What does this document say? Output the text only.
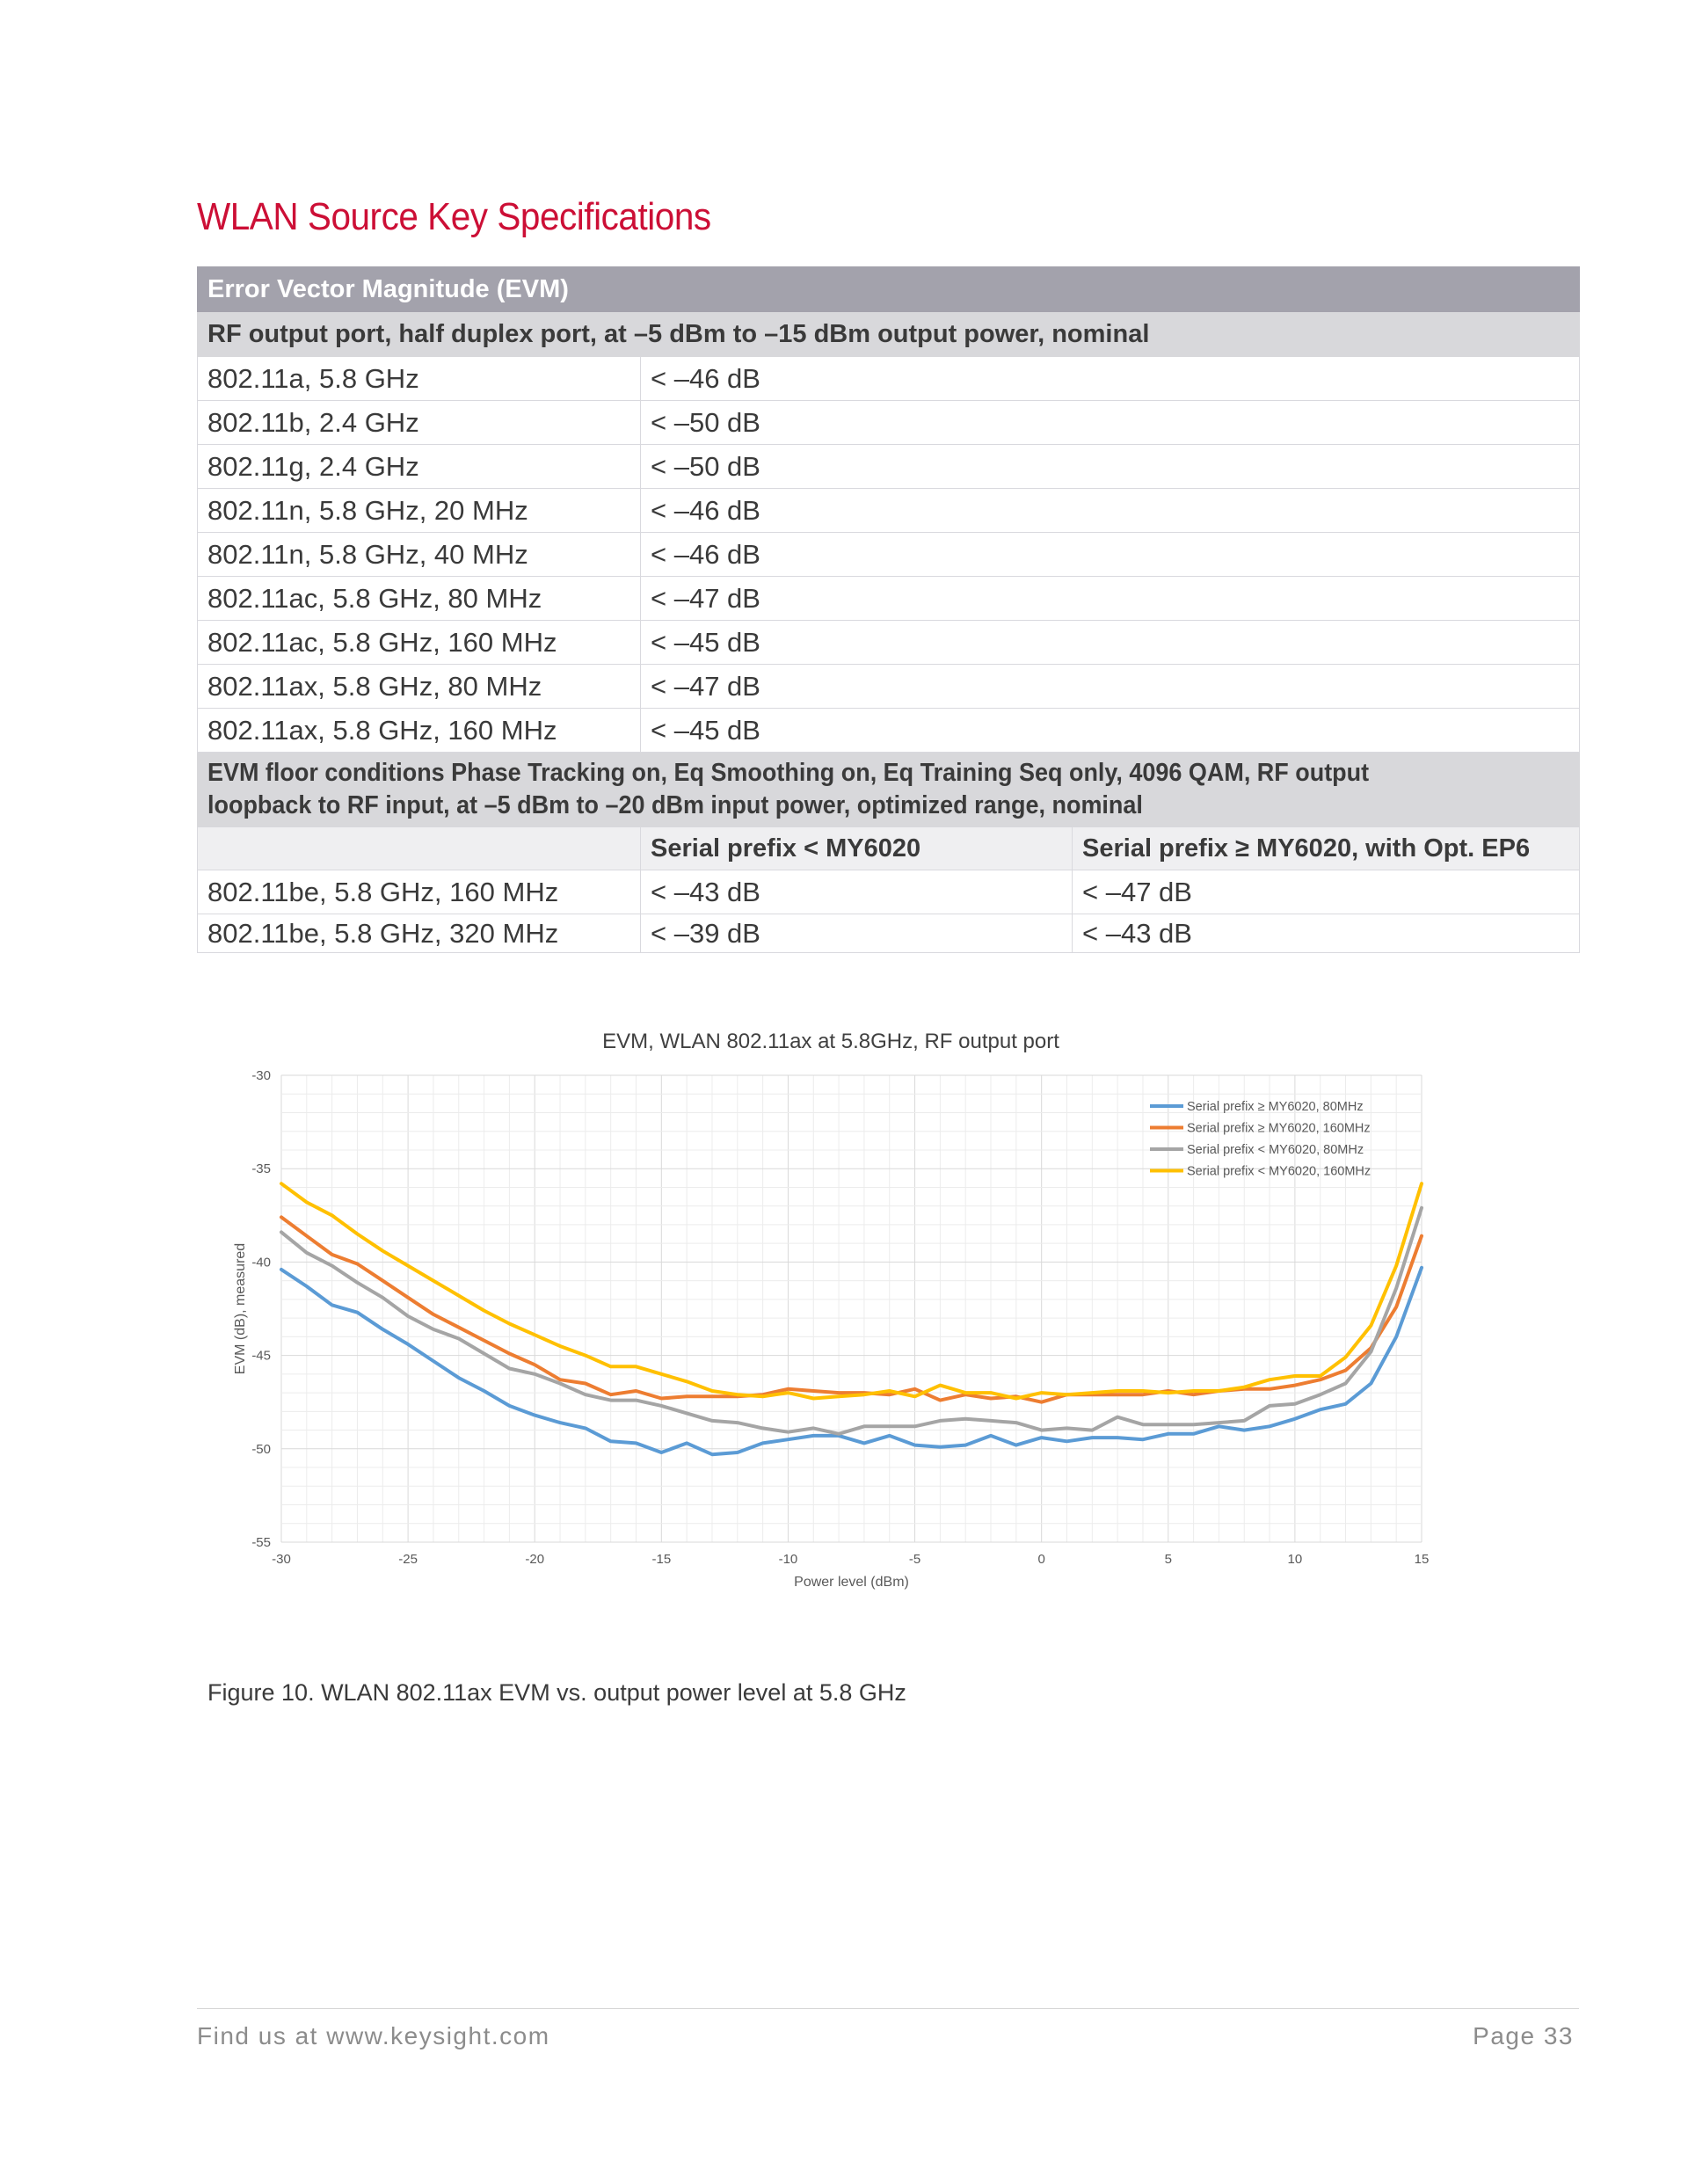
WLAN Source Key Specifications
Error Vector Magnitude (EVM)		
RF output port, half duplex port, at –5 dBm to –15 dBm output power, nominal		
802.11a, 5.8 GHz	< –46 dB	
802.11b, 2.4 GHz	< –50 dB	
802.11g, 2.4 GHz	< –50 dB	
802.11n, 5.8 GHz, 20 MHz	< –46 dB	
802.11n, 5.8 GHz, 40 MHz	< –46 dB	
802.11ac, 5.8 GHz, 80 MHz	< –47 dB	
802.11ac, 5.8 GHz, 160 MHz	< –45 dB	
802.11ax, 5.8 GHz, 80 MHz	< –47 dB	
802.11ax, 5.8 GHz, 160 MHz	< –45 dB	
EVM floor conditions Phase Tracking on, Eq Smoothing on, Eq Training Seq only, 4096 QAM, RF output loopback to RF input, at –5 dBm to –20 dBm input power, optimized range, nominal		
	Serial prefix < MY6020	Serial prefix ≥ MY6020, with Opt. EP6
802.11be, 5.8 GHz, 160 MHz	< –43 dB	< –47 dB
802.11be, 5.8 GHz, 320 MHz	< –39 dB	< –43 dB
EVM, WLAN 802.11ax at 5.8GHz, RF output port
-30	-25	-20	-15	-10	-5	0	5	10	15
-30
-35
-40
-45
-50
-55
Power level (dBm)
EVM (dB), measured
Serial prefix ≥ MY6020, 80MHz
Serial prefix ≥ MY6020, 160MHz
Serial prefix < MY6020, 80MHz
Serial prefix < MY6020, 160MHz
Figure 10. WLAN 802.11ax EVM vs. output power level at 5.8 GHz
Find us at www.keysight.com	Page 33
